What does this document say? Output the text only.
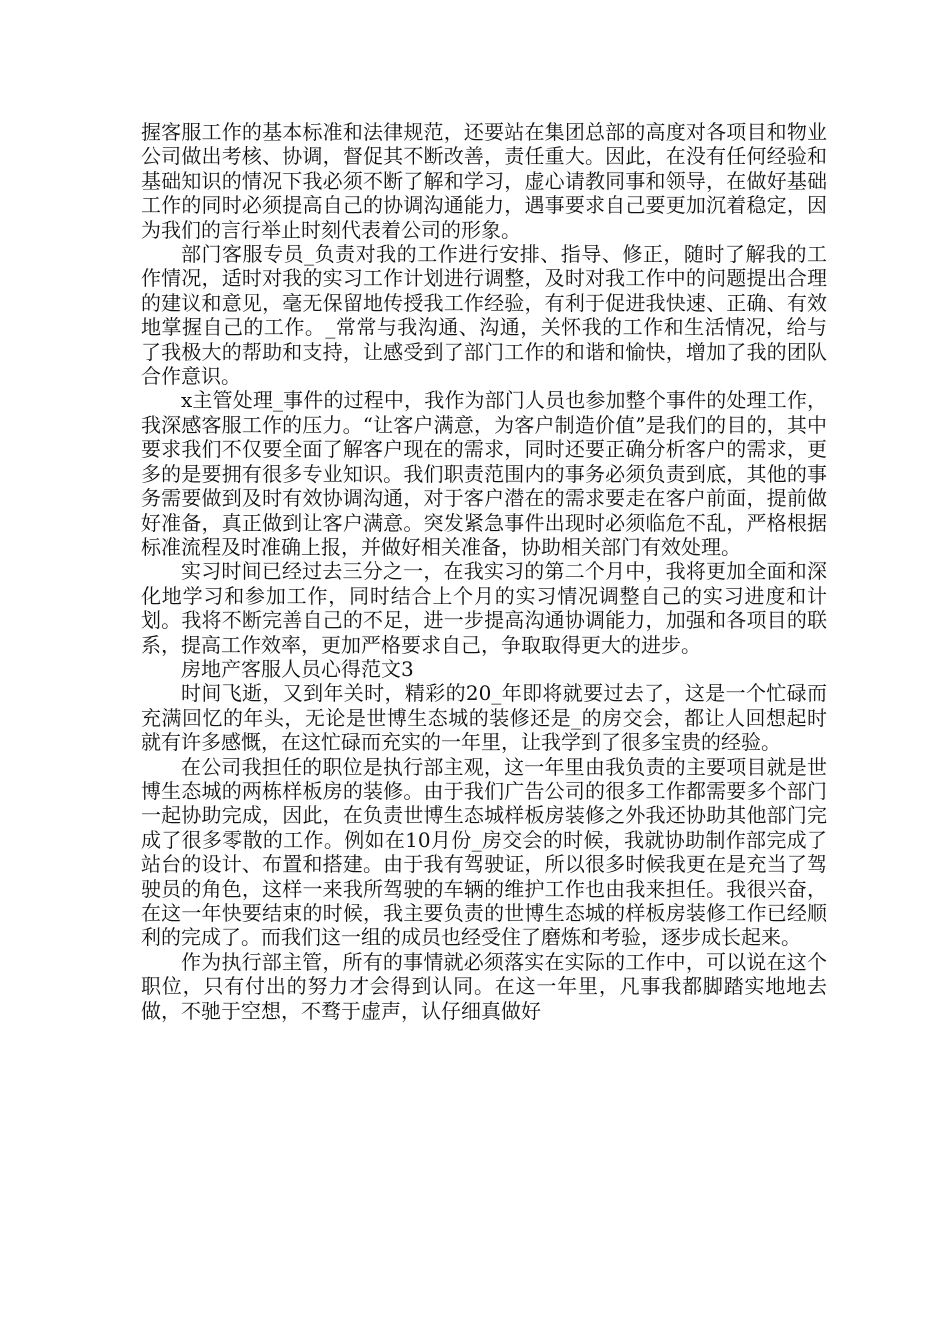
握客服工作的基本标准和法律规范，还要站在集团总部的高度对各项目和物业公司做出考核、协调，督促其不断改善，责任重大。因此，在没有任何经验和基础知识的情况下我必须不断了解和学习，虚心请教同事和领导，在做好基础工作的同时必须提高自己的协调沟通能力，遇事要求自己要更加沉着稳定，因为我们的言行举止时刻代表着公司的形象。

部门客服专员_负责对我的工作进行安排、指导、修正，随时了解我的工作情况，适时对我的实习工作计划进行调整，及时对我工作中的问题提出合理的建议和意见，毫无保留地传授我工作经验，有利于促进我快速、正确、有效地掌握自己的工作。_常常与我沟通、沟通，关怀我的工作和生活情况，给与了我极大的帮助和支持，让感受到了部门工作的和谐和愉快，增加了我的团队合作意识。

x主管处理_事件的过程中，我作为部门人员也参加整个事件的处理工作，我深感客服工作的压力。“让客户满意，为客户制造价值”是我们的目的，其中要求我们不仅要全面了解客户现在的需求，同时还要正确分析客户的需求，更多的是要拥有很多专业知识。我们职责范围内的事务必须负责到底，其他的事务需要做到及时有效协调沟通，对于客户潜在的需求要走在客户前面，提前做好准备，真正做到让客户满意。突发紧急事件出现时必须临危不乱，严格根据标准流程及时准确上报，并做好相关准备，协助相关部门有效处理。

实习时间已经过去三分之一，在我实习的第二个月中，我将更加全面和深化地学习和参加工作，同时结合上个月的实习情况调整自己的实习进度和计划。我将不断完善自己的不足，进一步提高沟通协调能力，加强和各项目的联系，提高工作效率，更加严格要求自己，争取取得更大的进步。

房地产客服人员心得范文3

时间飞逝，又到年关时，精彩的20_年即将就要过去了，这是一个忙碌而充满回忆的年头，无论是世博生态城的装修还是_的房交会，都让人回想起时就有许多感慨，在这忙碌而充实的一年里，让我学到了很多宝贵的经验。

在公司我担任的职位是执行部主观，这一年里由我负责的主要项目就是世博生态城的两栋样板房的装修。由于我们广告公司的很多工作都需要多个部门一起协助完成，因此，在负责世博生态城样板房装修之外我还协助其他部门完成了很多零散的工作。例如在10月份_房交会的时候，我就协助制作部完成了站台的设计、布置和搭建。由于我有驾驶证，所以很多时候我更在是充当了驾驶员的角色，这样一来我所驾驶的车辆的维护工作也由我来担任。我很兴奋，在这一年快要结束的时候，我主要负责的世博生态城的样板房装修工作已经顺利的完成了。而我们这一组的成员也经受住了磨炼和考验，逐步成长起来。

作为执行部主管，所有的事情就必须落实在实际的工作中，可以说在这个职位，只有付出的努力才会得到认同。在这一年里，凡事我都脚踏实地地去做，不驰于空想，不骛于虚声，认仔细真做好
